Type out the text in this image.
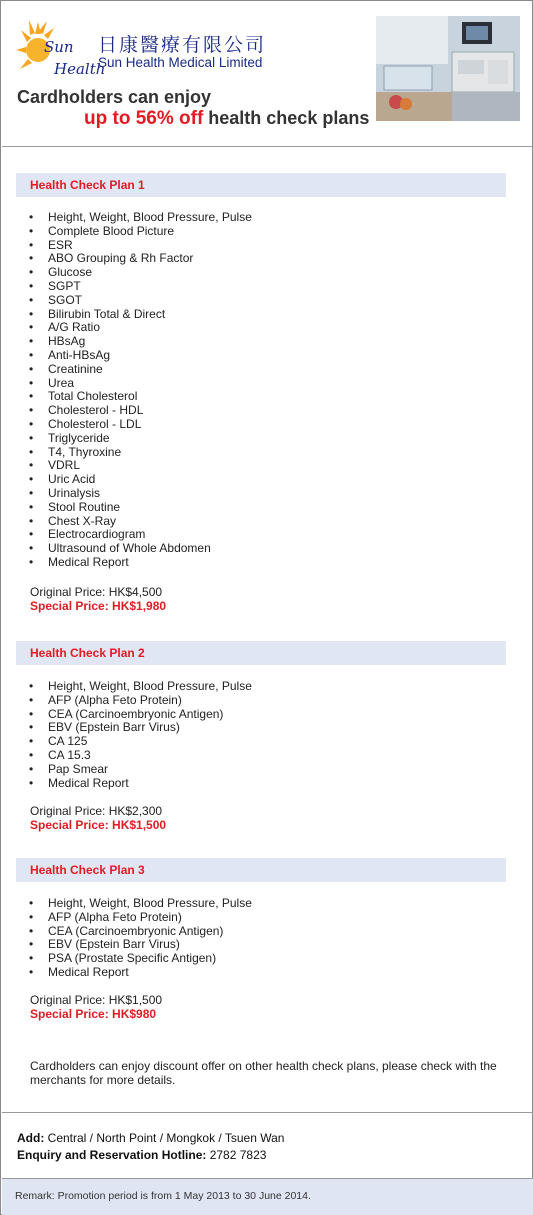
Sun
Health
日康醫療有限公司
Sun Health Medical Limited
Cardholders can enjoy
up to 56% off health check plans
Health Check Plan 1
• Height, Weight, Blood Pressure, Pulse
• Complete Blood Picture
• ESR
• ABO Grouping & Rh Factor
• Glucose
• SGPT
• SGOT
• Bilirubin Total & Direct
• A/G Ratio
• HBsAg
• Anti-HBsAg
• Creatinine
• Urea
• Total Cholesterol
• Cholesterol - HDL
• Cholesterol - LDL
• Triglyceride
• T4, Thyroxine
• VDRL
• Uric Acid
• Urinalysis
• Stool Routine
• Chest X-Ray
• Electrocardiogram
• Ultrasound of Whole Abdomen
• Medical Report
Original Price: HK$4,500
Special Price: HK$1,980
Health Check Plan 2
• Height, Weight, Blood Pressure, Pulse
• AFP (Alpha Feto Protein)
• CEA (Carcinoembryonic Antigen)
• EBV (Epstein Barr Virus)
• CA 125
• CA 15.3
• Pap Smear
• Medical Report
Original Price: HK$2,300
Special Price: HK$1,500
Health Check Plan 3
• Height, Weight, Blood Pressure, Pulse
• AFP (Alpha Feto Protein)
• CEA (Carcinoembryonic Antigen)
• EBV (Epstein Barr Virus)
• PSA (Prostate Specific Antigen)
• Medical Report
Original Price: HK$1,500
Special Price: HK$980
Cardholders can enjoy discount offer on other health check plans, please check with the merchants for more details.
Add: Central / North Point / Mongkok / Tsuen Wan
Enquiry and Reservation Hotline: 2782 7823
Remark: Promotion period is from 1 May 2013 to 30 June 2014.
